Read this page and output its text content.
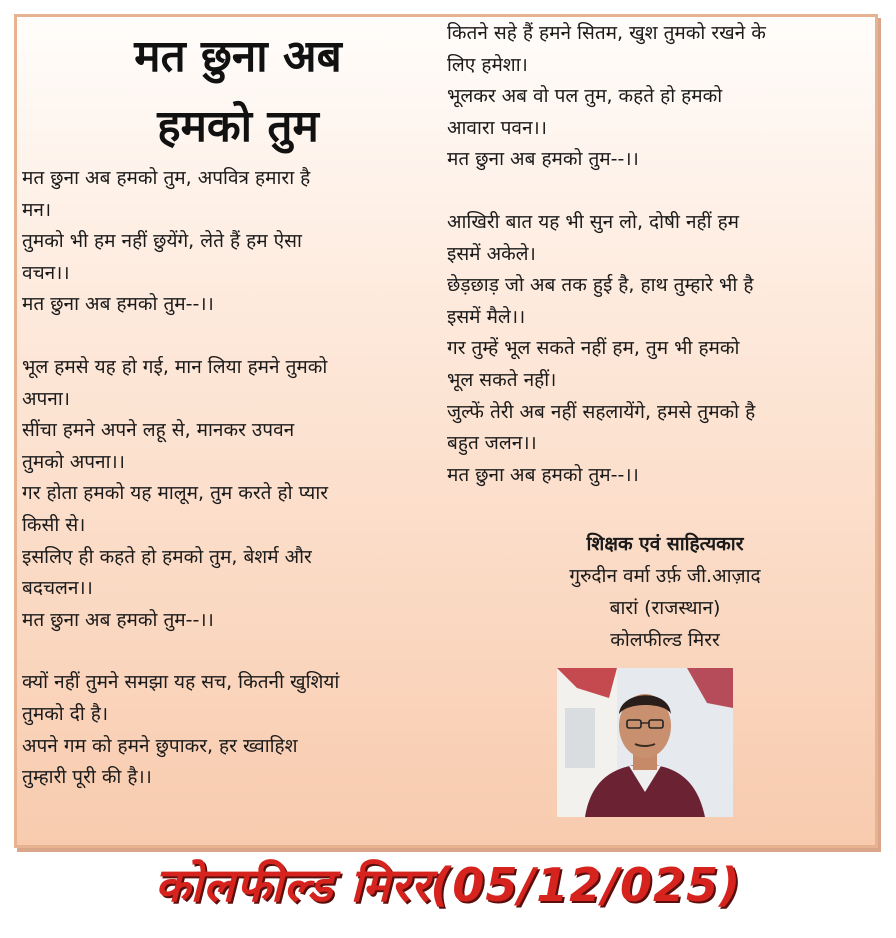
मत छुना अब
हमको तुम

मत छुना अब हमको तुम, अपवित्र हमारा है

मन।

तुमको भी हम नहीं छुयेंगे, लेते हैं हम ऐसा

वचन।।

मत छुना अब हमको तुम--।।

भूल हमसे यह हो गई, मान लिया हमने तुमको

अपना।

सींचा हमने अपने लहू से, मानकर उपवन

तुमको अपना।।

गर होता हमको यह मालूम, तुम करते हो प्यार

किसी से।

इसलिए ही कहते हो हमको तुम, बेशर्म और

बदचलन।।

मत छुना अब हमको तुम--।।

क्यों नहीं तुमने समझा यह सच, कितनी खुशियां

तुमको दी है।

अपने गम को हमने छुपाकर, हर ख्वाहिश

तुम्हारी पूरी की है।।

कितने सहे हैं हमने सितम, खुश तुमको रखने के

लिए हमेशा।

भूलकर अब वो पल तुम, कहते हो हमको

आवारा पवन।।

मत छुना अब हमको तुम--।।

आखिरी बात यह भी सुन लो, दोषी नहीं हम

इसमें अकेले।

छेड़छाड़ जो अब तक हुई है, हाथ तुम्हारे भी है

इसमें मैले।।

गर तुम्हें भूल सकते नहीं हम, तुम भी हमको

भूल सकते नहीं।

जुल्फें तेरी अब नहीं सहलायेंगे, हमसे तुमको है

बहुत जलन।।

मत छुना अब हमको तुम--।।

शिक्षक एवं साहित्यकार
गुरुदीन वर्मा उर्फ़ जी.आज़ाद
बारां (राजस्थान)
कोलफील्ड मिरर
कोलफील्ड मिरर(05/12/025)
